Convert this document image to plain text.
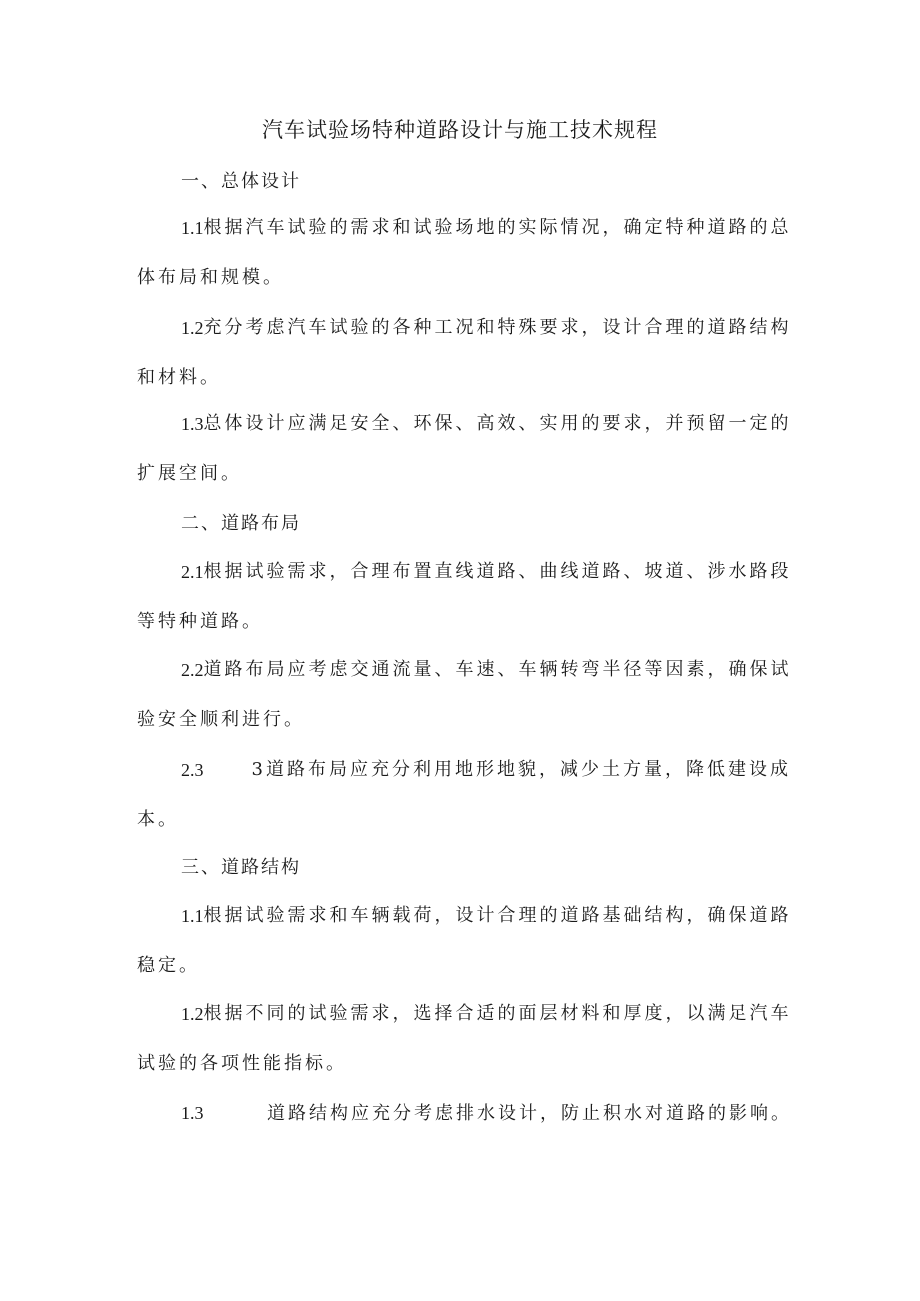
汽车试验场特种道路设计与施工技术规程
一、总体设计
1.1 根据汽车试验的需求和试验场地的实际情况，确定特种道路的总
体布局和规模。
1.2 充分考虑汽车试验的各种工况和特殊要求，设计合理的道路结构
和材料。
1.3 总体设计应满足安全、环保、高效、实用的要求，并预留一定的
扩展空间。
二、道路布局
2.1 根据试验需求，合理布置直线道路、曲线道路、坡道、涉水路段
等特种道路。
2.2 道路布局应考虑交通流量、车速、车辆转弯半径等因素，确保试
验安全顺利进行。
2.3	3道路布局应充分利用地形地貌，减少土方量，降低建设成
本。
三、道路结构
1.1 根据试验需求和车辆载荷，设计合理的道路基础结构，确保道路
稳定。
1.2 根据不同的试验需求，选择合适的面层材料和厚度，以满足汽车
试验的各项性能指标。
1.3	道路结构应充分考虑排水设计，防止积水对道路的影响。
